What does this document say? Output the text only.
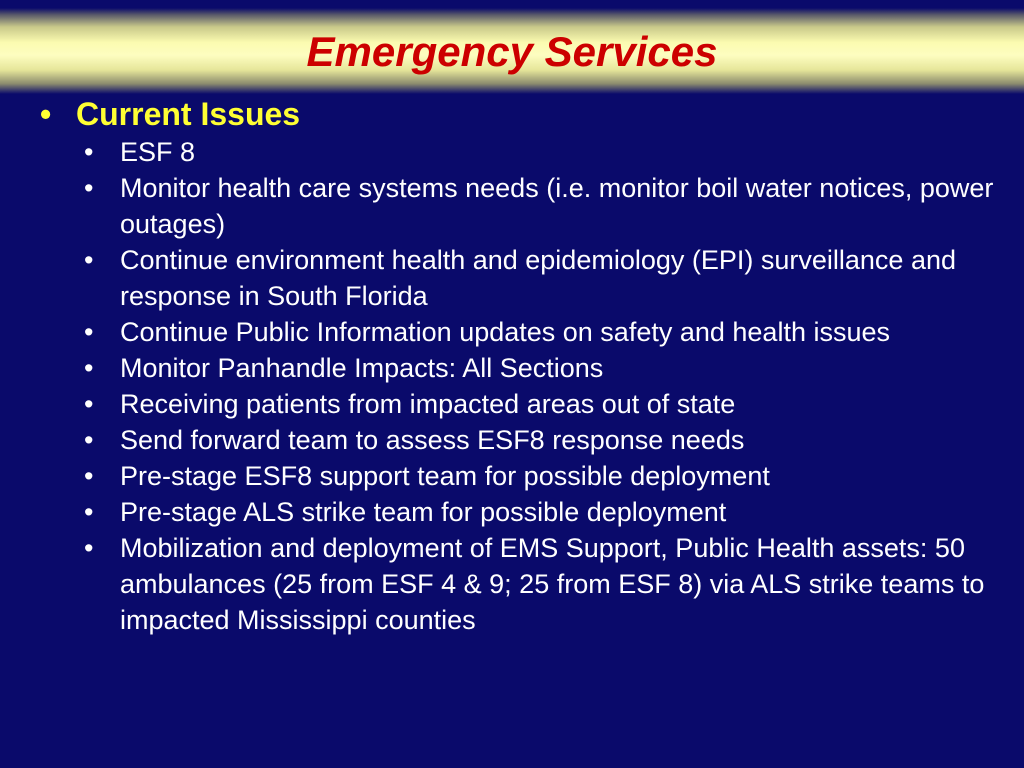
Emergency Services
• Current Issues
• ESF 8
• Monitor health care systems needs (i.e. monitor boil water notices, power outages)
• Continue environment health and epidemiology (EPI) surveillance and response in South Florida
• Continue Public Information updates on safety and health issues
• Monitor Panhandle Impacts: All Sections
• Receiving patients from impacted areas out of state
• Send forward team to assess ESF8 response needs
• Pre-stage ESF8 support team for possible deployment
• Pre-stage ALS strike team for possible deployment
• Mobilization and deployment of EMS Support, Public Health assets: 50 ambulances (25 from ESF 4 & 9; 25 from ESF 8) via ALS strike teams to impacted Mississippi counties
